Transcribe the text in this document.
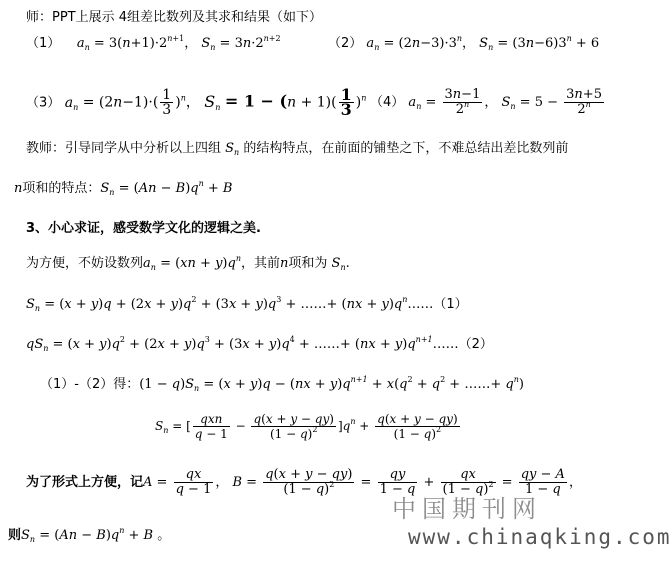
师：PPT上展示 4组差比数列及其求和结果（如下）
（1） $a_n = 3(n+1)\cdot 2^{n+1}$， $S_n = 3n\cdot 2^{n+2}$	（2） $a_n = (2n-3)\cdot 3^n$， $S_n = (3n-6)3^n + 6$
（3） $a_n = (2n-1)\cdot( \frac{1}{3} )^n$， $S_n = 1 - (n + 1)( \frac{1}{3} )^n$ （4） $a_n = \frac{3n-1}{2^n}$ ， $S_n = 5 - \frac{3n+5}{2^n}$
教师：引导同学从中分析以上四组 $S_n$ 的结构特点，在前面的铺垫之下，不难总结出差比数列前
n项和的特点：$S_n = (An - B)q^n + B$
3、小心求证，感受数学文化的逻辑之美.
为方便，不妨设数列$a_n = (xn + y)q^n$，其前n项和为 $S_n$.
$S_n = (x + y)q + (2x + y)q^2 + (3x + y)q^3$ + ……+ $(nx + y)q^n\dots\dots(1)$
$qS_n = (x + y)q^2 + (2x + y)q^3 + (3x + y)q^4$ + ……+ $(nx + y)q^{n+1}\dots\dots(2)$
（1）-（2）得：$(1 - q)S_n = (x + y)q - (nx + y)q^{n+1} + x(q^2 + q^2$ + ……+ $q^n$)
$S_n$ = [ $\frac{\text{qxn}}{q - 1} - \frac{q(x + y - qy)}{(1 - q)^2} ]q^n + \frac{q(x + y - qy)}{(1 - q)^2}$
为了形式上方便，记$A = \frac{qx}{q - 1}$ ， $B = \frac{q(x + y - qy)}{(1 - q)^2} = \frac{qy}{1 - q} + \frac{qx}{(1 - q)^2} = \frac{qy - A}{1 - q}$ ，
则$S_n = (An - B)q^n + B$ 。
中国期刊网
www.chinaqking.com
